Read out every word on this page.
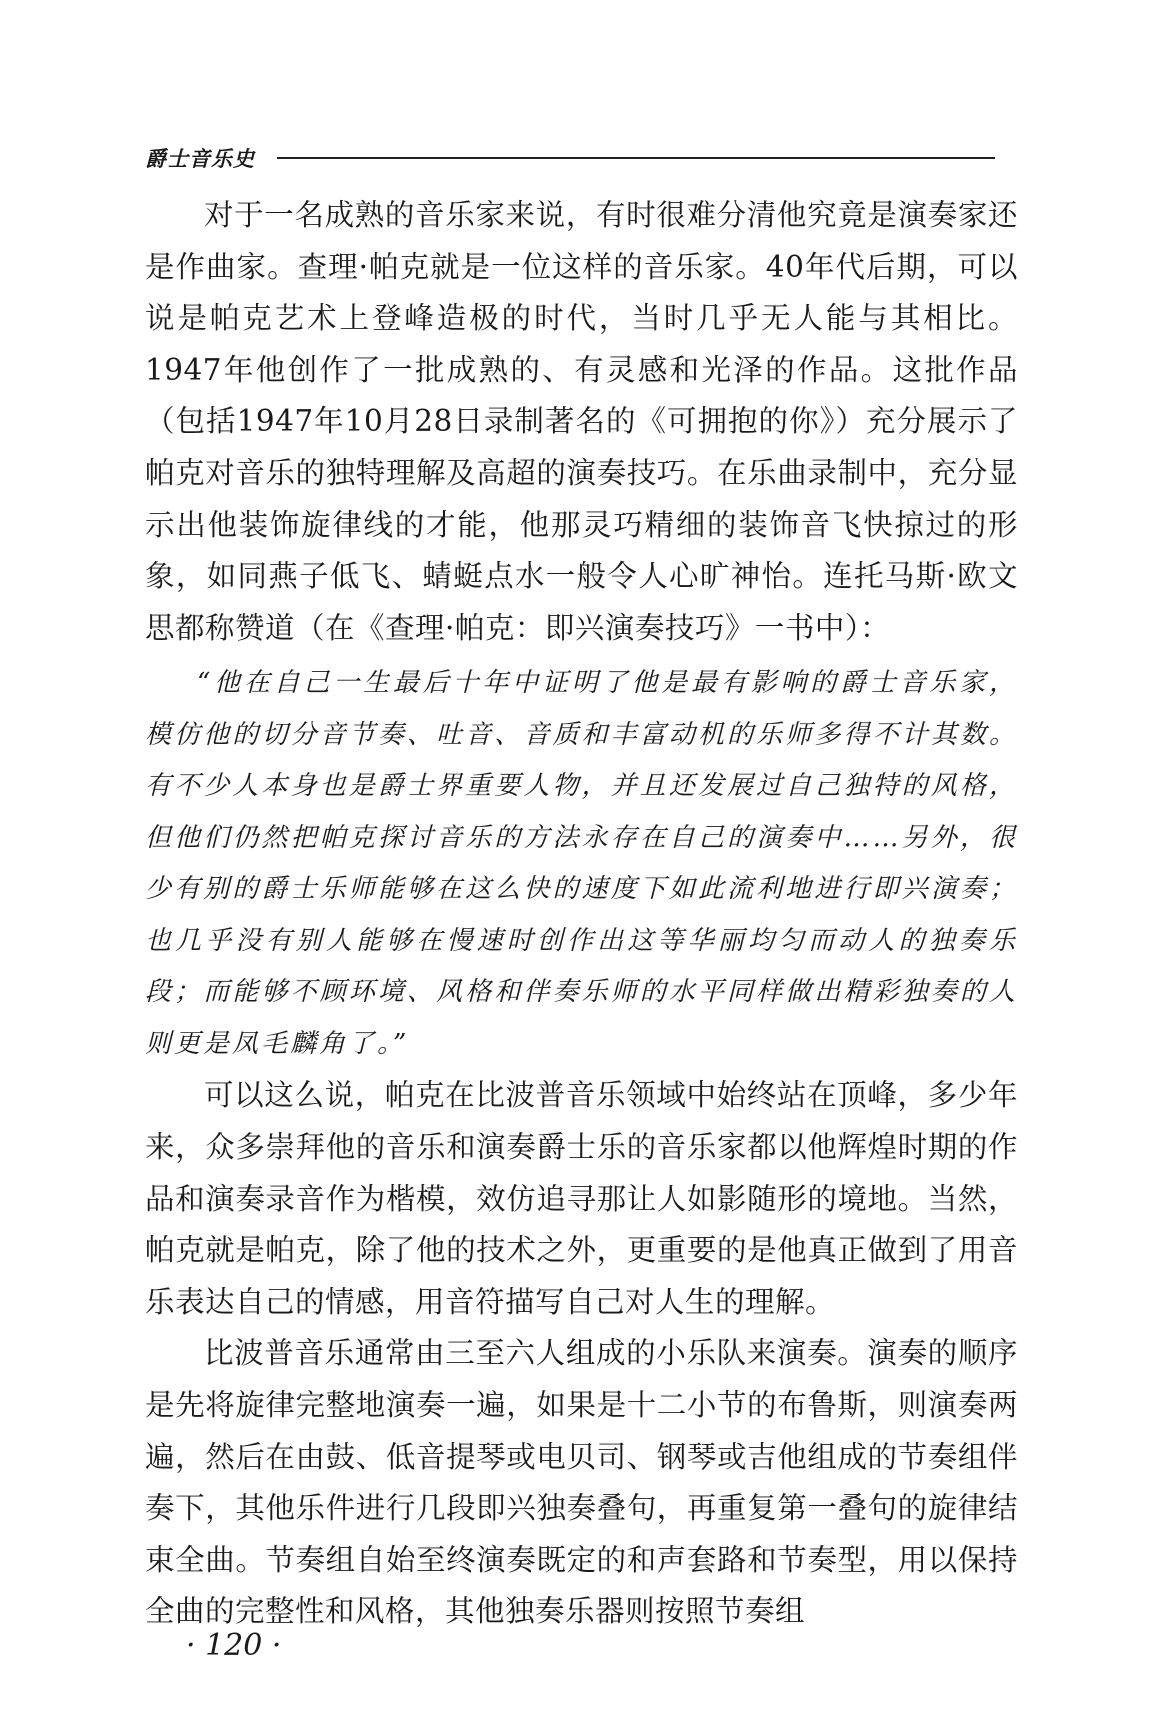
爵士音乐史

对于一名成熟的音乐家来说，有时很难分清他究竟是演奏家还是作曲家。查理·帕克就是一位这样的音乐家。40年代后期，可以说是帕克艺术上登峰造极的时代，当时几乎无人能与其相比。1947年他创作了一批成熟的、有灵感和光泽的作品。这批作品（包括1947年10月28日录制著名的《可拥抱的你》）充分展示了帕克对音乐的独特理解及高超的演奏技巧。在乐曲录制中，充分显示出他装饰旋律线的才能，他那灵巧精细的装饰音飞快掠过的形象，如同燕子低飞、蜻蜓点水一般令人心旷神怡。连托马斯·欧文思都称赞道（在《查理·帕克：即兴演奏技巧》一书中）：

“他在自己一生最后十年中证明了他是最有影响的爵士音乐家，模仿他的切分音节奏、吐音、音质和丰富动机的乐师多得不计其数。有不少人本身也是爵士界重要人物，并且还发展过自己独特的风格，但他们仍然把帕克探讨音乐的方法永存在自己的演奏中……另外，很少有别的爵士乐师能够在这么快的速度下如此流利地进行即兴演奏；也几乎没有别人能够在慢速时创作出这等华丽均匀而动人的独奏乐段；而能够不顾环境、风格和伴奏乐师的水平同样做出精彩独奏的人则更是凤毛麟角了。”

可以这么说，帕克在比波普音乐领域中始终站在顶峰，多少年来，众多崇拜他的音乐和演奏爵士乐的音乐家都以他辉煌时期的作品和演奏录音作为楷模，效仿追寻那让人如影随形的境地。当然，帕克就是帕克，除了他的技术之外，更重要的是他真正做到了用音乐表达自己的情感，用音符描写自己对人生的理解。

比波普音乐通常由三至六人组成的小乐队来演奏。演奏的顺序是先将旋律完整地演奏一遍，如果是十二小节的布鲁斯，则演奏两遍，然后在由鼓、低音提琴或电贝司、钢琴或吉他组成的节奏组伴奏下，其他乐件进行几段即兴独奏叠句，再重复第一叠句的旋律结束全曲。节奏组自始至终演奏既定的和声套路和节奏型，用以保持全曲的完整性和风格，其他独奏乐器则按照节奏组

· 120 ·
